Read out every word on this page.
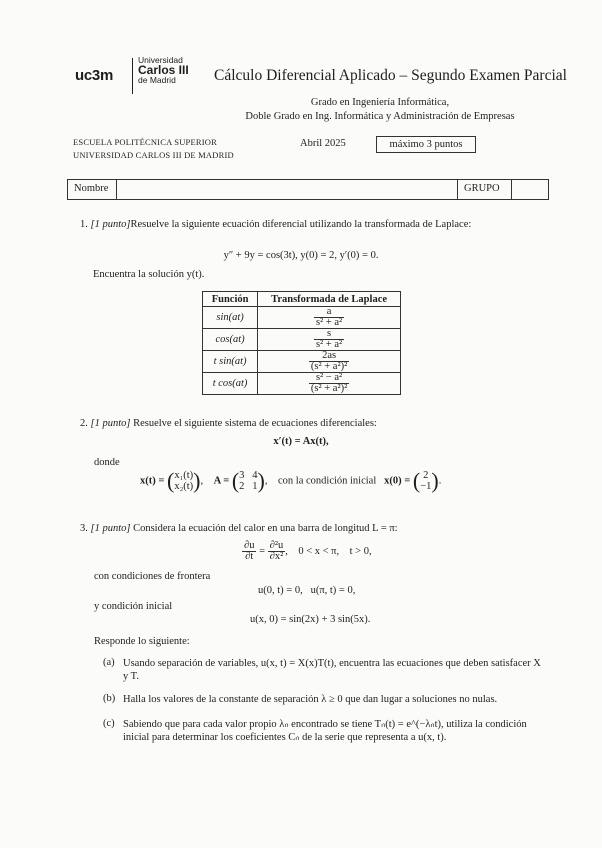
uc3m
Universidad
Carlos III
de Madrid	Cálculo Diferencial Aplicado – Segundo Examen Parcial
Grado en Ingeniería Informática,
Doble Grado en Ing. Informática y Administración de Empresas
ESCUELA POLITÉCNICA SUPERIOR
UNIVERSIDAD CARLOS III DE MADRID
Abril 2025	máximo 3 puntos
Nombre	GRUPO
1. [1 punto]Resuelve la siguiente ecuación diferencial utilizando la transformada de Laplace:
y″ + 9y = cos(3t), y(0) = 2, y′(0) = 0.
Encuentra la solución y(t).
Función	Transformada de Laplace
sin(at)	$\frac{a}{\text{s² + a²}}$

cos(at)	$\frac{s}{\text{s² + a²}}$

t sin(at)	$\frac{2as}{\text{(s² + a²)²}}$

t cos(at)	$\frac{\text{s² − a²}}{\text{(s² + a²)²}}$
2. [1 punto] Resuelve el siguiente sistema de ecuaciones diferenciales:
x′(t) = Ax(t),
donde
x(t) = ( x₁(t)
x₂(t) ),    A = ( 3   4
2   1 ),    con la condición inicial x(0) = ( 2
−1 ).
3. [1 punto] Considera la ecuación del calor en una barra de longitud L = π:
$\frac{\partial u}{\partial t} = \frac{\text{∂²u}}{\text{∂x²}}$ ,    0 < x < π,    t > 0,
con condiciones de frontera
u(0, t) = 0,   u(π, t) = 0,
y condición inicial
u(x, 0) = sin(2x) + 3 sin(5x).
Responde lo siguiente:
(a) Usando separación de variables, u(x, t) = X(x)T(t), encuentra las ecuaciones que deben satisfacer X y T.
(b) Halla los valores de la constante de separación λ ≥ 0 que dan lugar a soluciones no nulas.
(c) Sabiendo que para cada valor propio λₙ encontrado se tiene Tₙ(t) = e^(−λₙt), utiliza la condición inicial para determinar los coeficientes Cₙ de la serie que representa a u(x, t).
